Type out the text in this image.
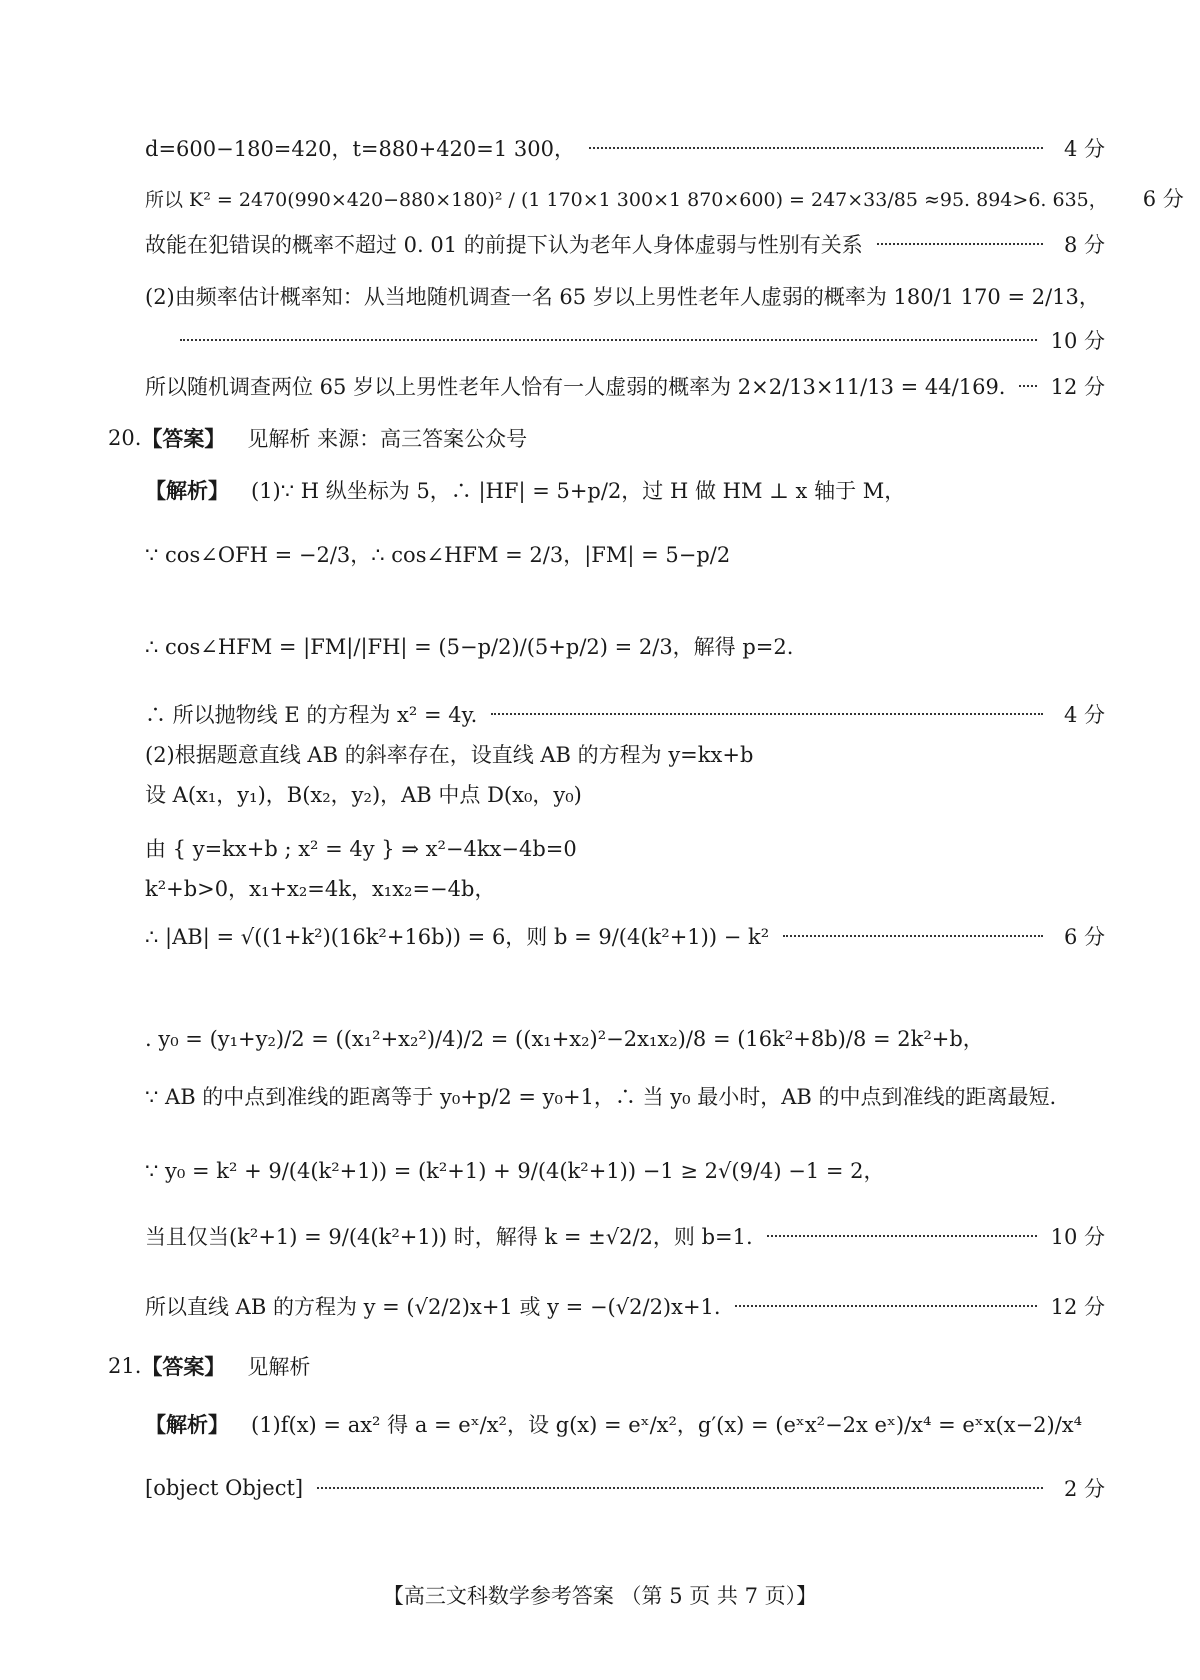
d=600−180=420，t=880+420=1 300，	4 分
所以 K² = 2470(990×420−880×180)² / (1 170×1 300×1 870×600) = 247×33/85 ≈95. 894>6. 635，	6 分
故能在犯错误的概率不超过 0. 01 的前提下认为老年人身体虚弱与性别有关系	8 分
(2)由频率估计概率知：从当地随机调查一名 65 岁以上男性老年人虚弱的概率为 180/1 170 = 2/13，
10 分
所以随机调查两位 65 岁以上男性老年人恰有一人虚弱的概率为 2×2/13×11/13 = 44/169. 12 分
20. 【答案】 见解析 来源：高三答案公众号
【解析】 (1)∵ H 纵坐标为 5，∴ |HF| = 5+p/2，过 H 做 HM ⊥ x 轴于 M，
∵ cos∠OFH = −2/3，∴ cos∠HFM = 2/3，|FM| = 5−p/2
∴ cos∠HFM = |FM|/|FH| = (5−p/2)/(5+p/2) = 2/3，解得 p=2.
∴ 所以抛物线 E 的方程为 x² = 4y.	4 分
(2)根据题意直线 AB 的斜率存在，设直线 AB 的方程为 y=kx+b
设 A(x₁，y₁)，B(x₂，y₂)，AB 中点 D(x₀，y₀)
由 { y=kx+b ; x² = 4y } ⇒ x²−4kx−4b=0
k²+b>0，x₁+x₂=4k，x₁x₂=−4b，
∴ |AB| = √((1+k²)(16k²+16b)) = 6，则 b = 9/(4(k²+1)) − k²	6 分
. y₀ = (y₁+y₂)/2 = ((x₁²+x₂²)/4)/2 = ((x₁+x₂)²−2x₁x₂)/8 = (16k²+8b)/8 = 2k²+b，
∵ AB 的中点到准线的距离等于 y₀+p/2 = y₀+1，∴ 当 y₀ 最小时，AB 的中点到准线的距离最短.
∵ y₀ = k² + 9/(4(k²+1)) = (k²+1) + 9/(4(k²+1)) −1 ≥ 2√(9/4) −1 = 2，
当且仅当(k²+1) = 9/(4(k²+1)) 时，解得 k = ±√2/2，则 b=1.	10 分
所以直线 AB 的方程为 y = (√2/2)x+1 或 y = −(√2/2)x+1.	12 分
21. 【答案】 见解析
【解析】 (1)f(x) = ax² 得 a = eˣ/x²，设 g(x) = eˣ/x²，g′(x) = (eˣx²−2x eˣ)/x⁴ = eˣx(x−2)/x⁴
[object Object]	2 分
【高三文科数学参考答案 （第 5 页 共 7 页）】
